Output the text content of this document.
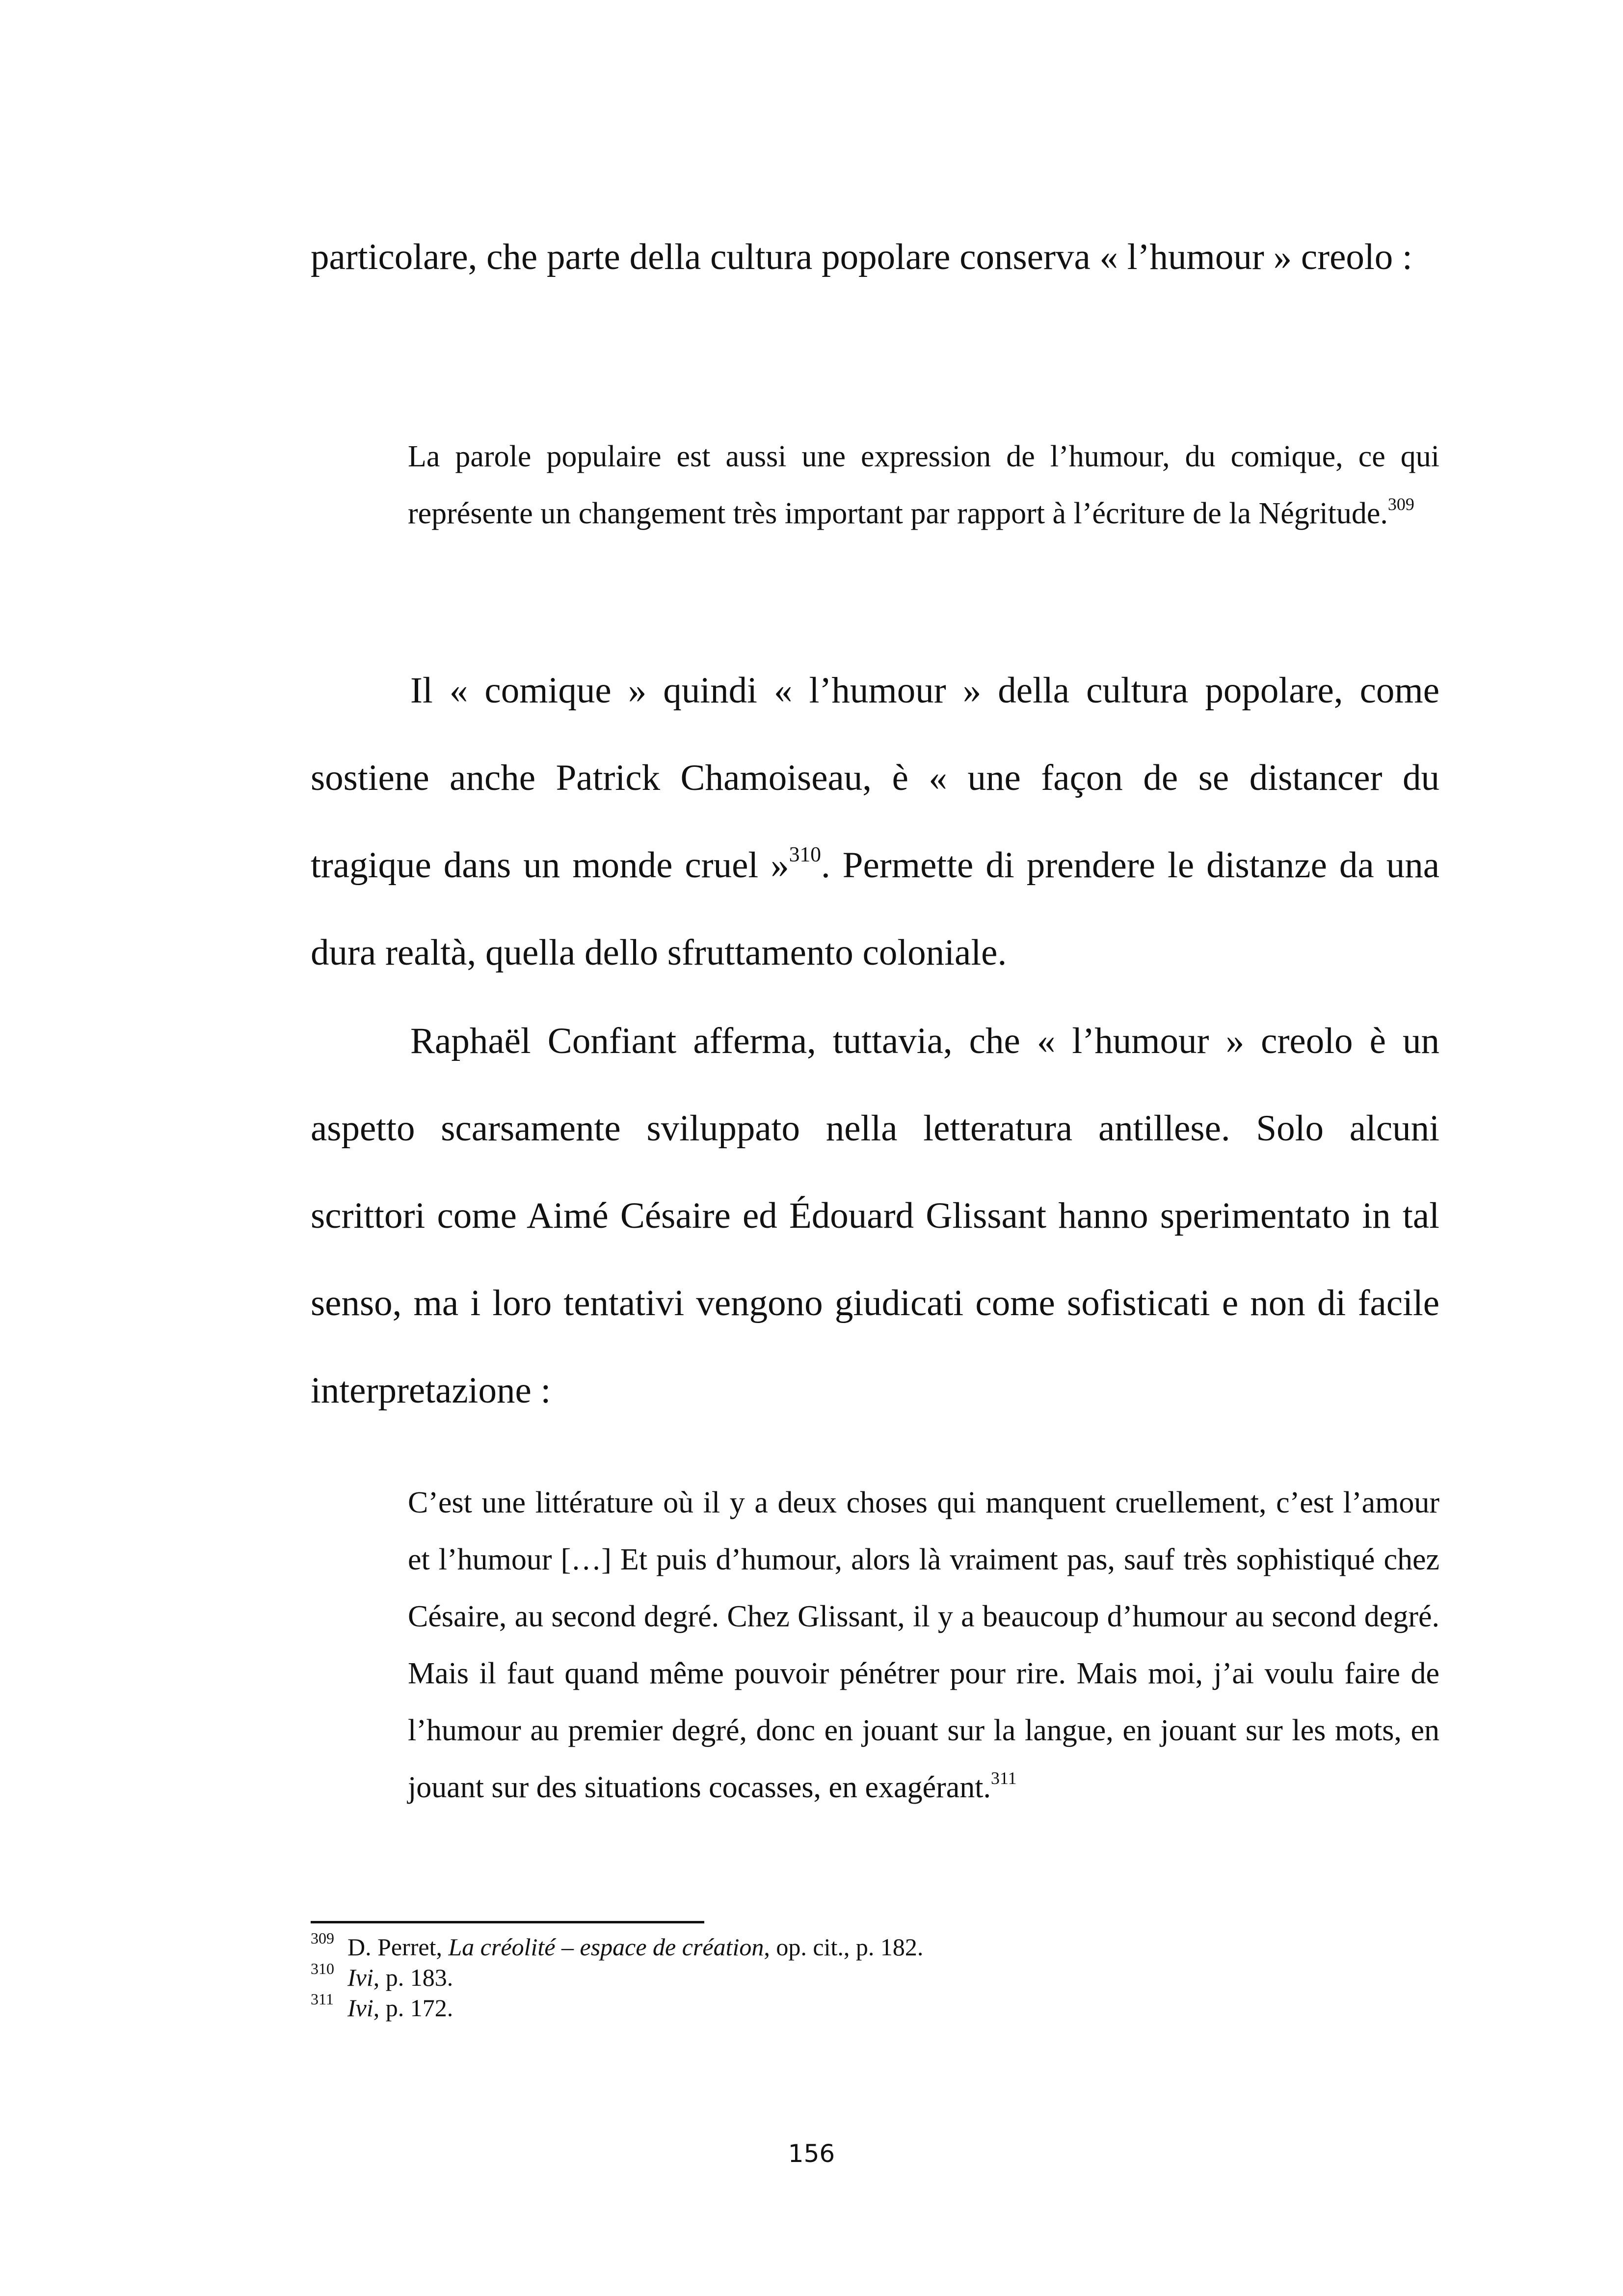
particolare, che parte della cultura popolare conserva « l’humour » creolo :

La parole populaire est aussi une expression de l’humour, du comique, ce qui représente un changement très important par rapport à l’écriture de la Négritude.$^{309}$

Il « comique » quindi « l’humour » della cultura popolare, come sostiene anche Patrick Chamoiseau, è « une façon de se distancer du tragique dans un monde cruel »$^{310}$. Permette di prendere le distanze da una dura realtà, quella dello sfruttamento coloniale.

Raphaël Confiant afferma, tuttavia, che « l’humour » creolo è un aspetto scarsamente sviluppato nella letteratura antillese. Solo alcuni scrittori come Aimé Césaire ed Édouard Glissant hanno sperimentato in tal senso, ma i loro tentativi vengono giudicati come sofisticati e non di facile interpretazione :

C’est une littérature où il y a deux choses qui manquent cruellement, c’est l’amour et l’humour […] Et puis d’humour, alors là vraiment pas, sauf très sophistiqué chez Césaire, au second degré. Chez Glissant, il y a beaucoup d’humour au second degré. Mais il faut quand même pouvoir pénétrer pour rire. Mais moi, j’ai voulu faire de l’humour au premier degré, donc en jouant sur la langue, en jouant sur les mots, en jouant sur des situations cocasses, en exagérant.$^{311}$

309 D. Perret, La créolité – espace de création, op. cit., p. 182.

310 Ivi, p. 183.

311 Ivi, p. 172.

156
